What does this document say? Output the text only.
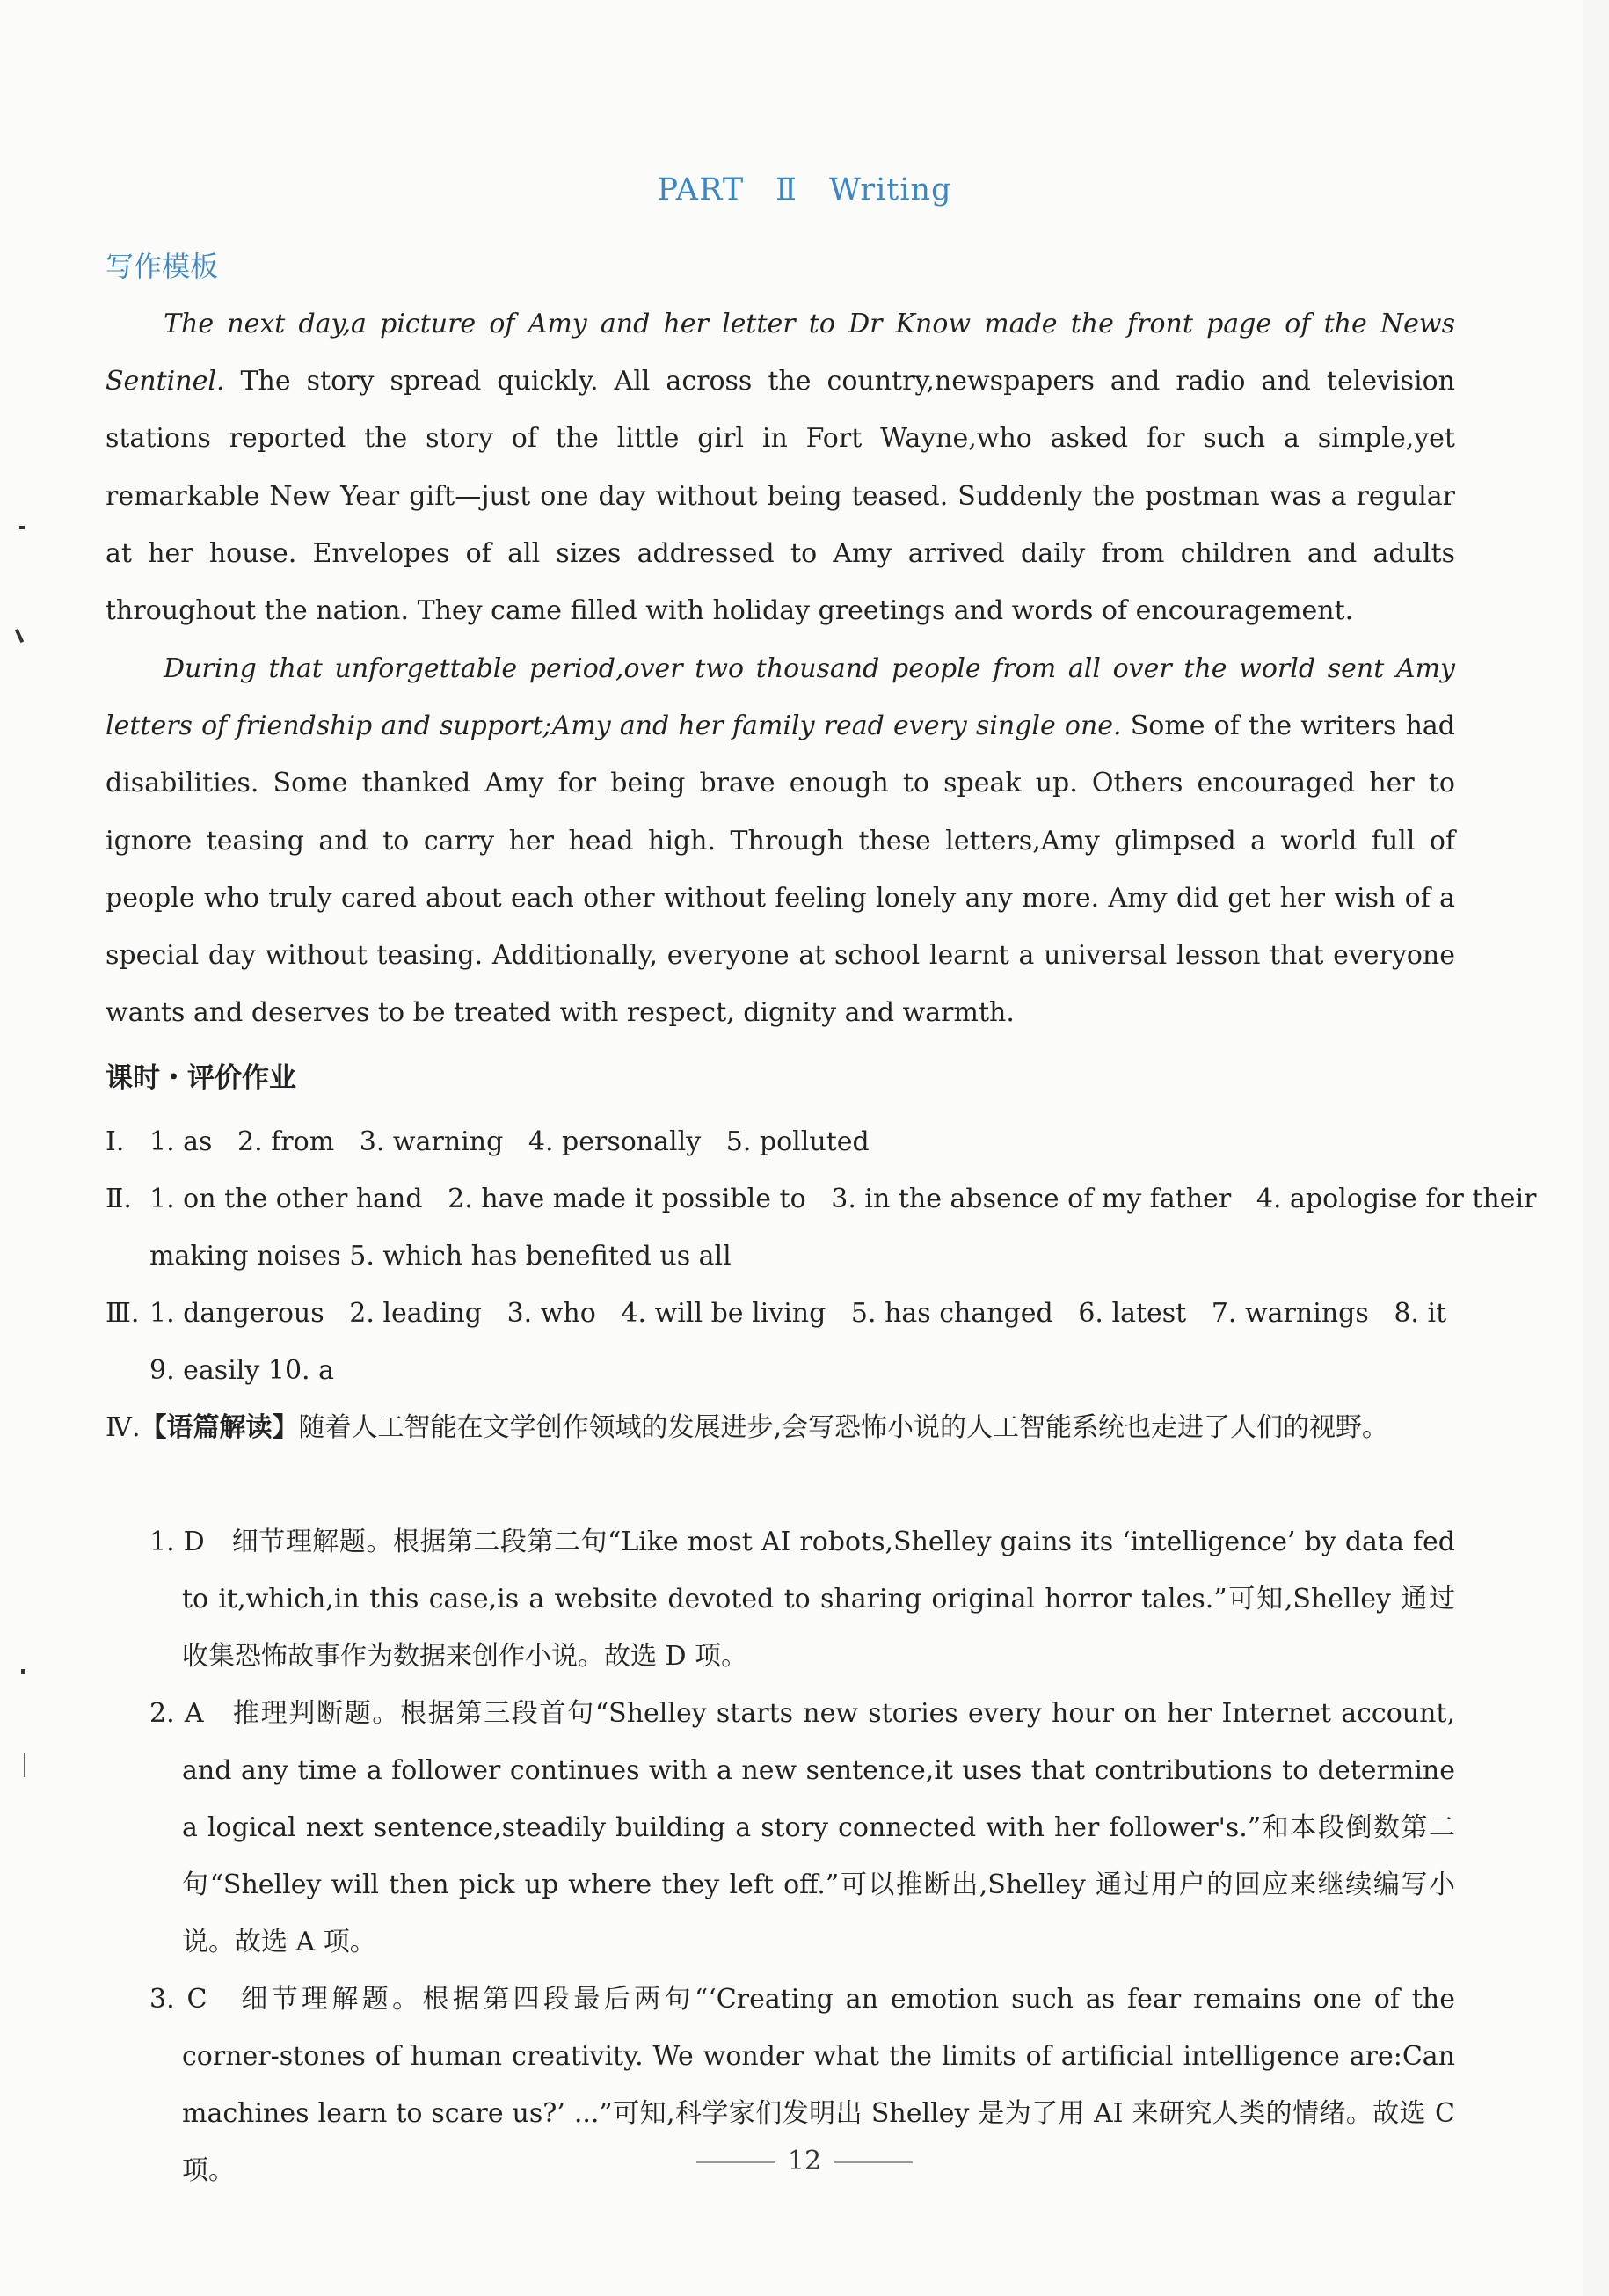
PART Ⅱ Writing
写作模板

The next day,a picture of Amy and her letter to Dr Know made the front page of the News Sentinel. The story spread quickly. All across the country,newspapers and radio and television stations reported the story of the little girl in Fort Wayne,who asked for such a simple,yet remarkable New Year gift—just one day without being teased. Suddenly the postman was a regular at her house. Envelopes of all sizes addressed to Amy arrived daily from children and adults throughout the nation. They came filled with holiday greetings and words of encouragement.

During that unforgettable period,over two thousand people from all over the world sent Amy letters of friendship and support;Amy and her family read every single one. Some of the writers had disabilities. Some thanked Amy for being brave enough to speak up. Others encouraged her to ignore teasing and to carry her head high. Through these letters,Amy glimpsed a world full of people who truly cared about each other without feeling lonely any more. Amy did get her wish of a special day without teasing. Additionally, everyone at school learnt a universal lesson that everyone wants and deserves to be treated with respect, dignity and warmth.

课时・评价作业
Ⅰ. 1. as   2. from   3. warning   4. personally   5. polluted
Ⅱ. 1. on the other hand   2. have made it possible to   3. in the absence of my father   4. apologise for their
making noises 5. which has benefited us all
Ⅲ. 1. dangerous   2. leading   3. who   4. will be living   5. has changed   6. latest   7. warnings   8. it
9. easily 10. a
Ⅳ.【语篇解读】随着人工智能在文学创作领域的发展进步,会写恐怖小说的人工智能系统也走进了人们的视野。
1. D　细节理解题。根据第二段第二句“Like most AI robots,Shelley gains its ‘intelligence’ by data fed to it,which,in this case,is a website devoted to sharing original horror tales.”可知,Shelley 通过收集恐怖故事作为数据来创作小说。故选 D 项。
2. A　推理判断题。根据第三段首句“Shelley starts new stories every hour on her Internet account, and any time a follower continues with a new sentence,it uses that contributions to determine a logical next sentence,steadily building a story connected with her follower's.”和本段倒数第二句“Shelley will then pick up where they left off.”可以推断出,Shelley 通过用户的回应来继续编写小说。故选 A 项。
3. C　细节理解题。根据第四段最后两句“‘Creating an emotion such as fear remains one of the corner-stones of human creativity. We wonder what the limits of artificial intelligence are:Can machines learn to scare us?’ ...”可知,科学家们发明出 Shelley 是为了用 AI 来研究人类的情绪。故选 C 项。	12
